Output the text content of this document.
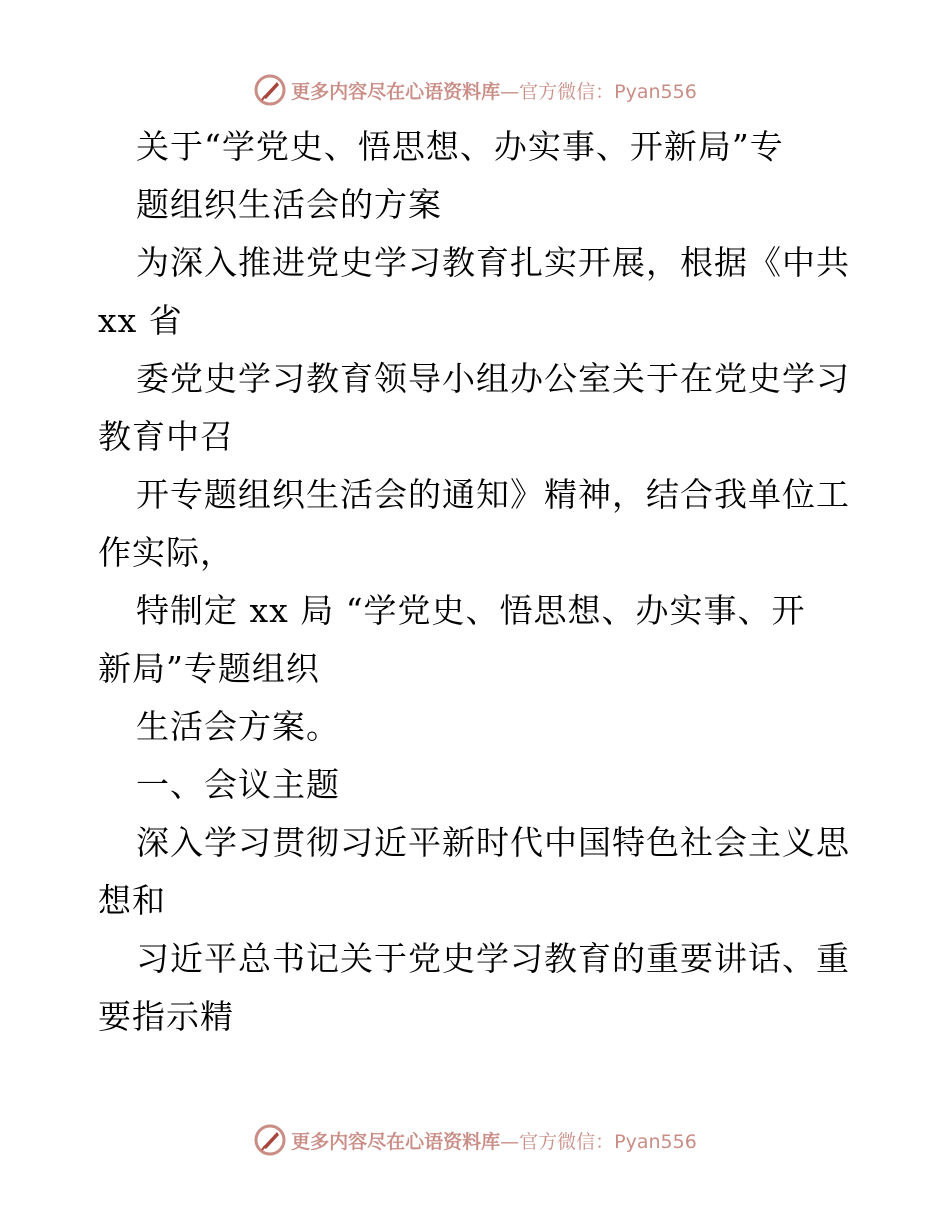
更多内容尽在心语资料库 —官方微信：Pyan556
关于“学党史、悟思想、办实事、开新局”专
题组织生活会的方案
为深入推进党史学习教育扎实开展，根据《中共
xx 省
委党史学习教育领导小组办公室关于在党史学习
教育中召
开专题组织生活会的通知》精神，结合我单位工
作实际，
特制定 xx 局 “学党史、悟思想、办实事、开
新局”专题组织
生活会方案。
一、会议主题
深入学习贯彻习近平新时代中国特色社会主义思
想和
习近平总书记关于党史学习教育的重要讲话、重
要指示精
更多内容尽在心语资料库 —官方微信：Pyan556
